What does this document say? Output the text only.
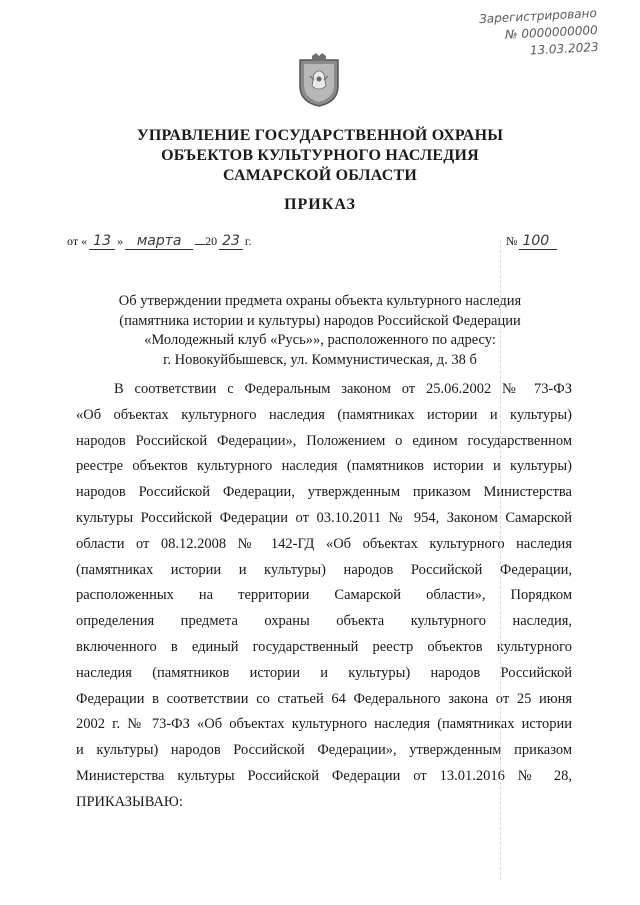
Зарегистрировано
№ 0000000000
13.03.2023
УПРАВЛЕНИЕ ГОСУДАРСТВЕННОЙ ОХРАНЫ
ОБЪЕКТОВ КУЛЬТУРНОГО НАСЛЕДИЯ
САМАРСКОЙ ОБЛАСТИ
ПРИКАЗ
от « 13 » марта	20 23 г.	№ 100
Об утверждении предмета охраны объекта культурного наследия
(памятника истории и культуры) народов Российской Федерации
«Молодежный клуб «Русь»», расположенного по адресу:
г. Новокуйбышевск, ул. Коммунистическая, д. 38 б
В соответствии с Федеральным законом от 25.06.2002 № 73-ФЗ
«Об объектах культурного наследия (памятниках истории и культуры)
народов Российской Федерации», Положением о едином государственном
реестре объектов культурного наследия (памятников истории и культуры)
народов Российской Федерации, утвержденным приказом Министерства
культуры Российской Федерации от 03.10.2011 № 954, Законом Самарской
области от 08.12.2008 № 142-ГД «Об объектах культурного наследия
(памятниках истории и культуры) народов Российской Федерации,
расположенных на территории Самарской области», Порядком
определения предмета охраны объекта культурного наследия,
включенного в единый государственный реестр объектов культурного
наследия (памятников истории и культуры) народов Российской
Федерации в соответствии со статьей 64 Федерального закона от 25 июня
2002 г. № 73-ФЗ «Об объектах культурного наследия (памятниках истории
и культуры) народов Российской Федерации», утвержденным приказом
Министерства культуры Российской Федерации от 13.01.2016 № 28,
ПРИКАЗЫВАЮ:
